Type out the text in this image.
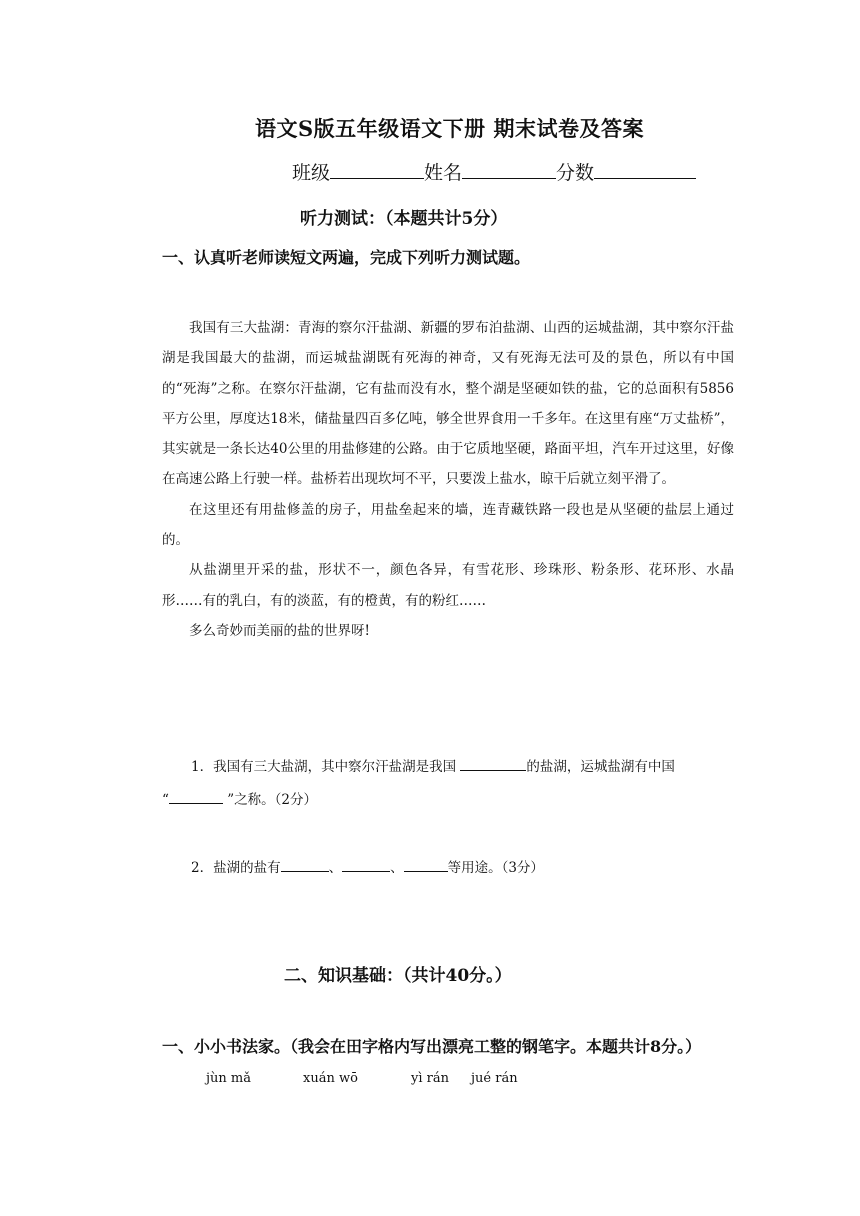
语文S版五年级语文下册 期末试卷及答案
班级	姓名	分数
听力测试：（本题共计5分）
一、认真听老师读短文两遍，完成下列听力测试题。

我国有三大盐湖：青海的察尔汗盐湖、新疆的罗布泊盐湖、山西的运城盐湖，其中察尔汗盐湖是我国最大的盐湖，而运城盐湖既有死海的神奇，又有死海无法可及的景色，所以有中国的“死海”之称。在察尔汗盐湖，它有盐而没有水，整个湖是坚硬如铁的盐，它的总面积有5856平方公里，厚度达18米，储盐量四百多亿吨，够全世界食用一千多年。在这里有座“万丈盐桥”，其实就是一条长达40公里的用盐修建的公路。由于它质地坚硬，路面平坦，汽车开过这里，好像在高速公路上行驶一样。盐桥若出现坎坷不平，只要泼上盐水，晾干后就立刻平滑了。

在这里还有用盐修盖的房子，用盐垒起来的墙，连青藏铁路一段也是从坚硬的盐层上通过的。

从盐湖里开采的盐，形状不一，颜色各异，有雪花形、珍珠形、粉条形、花环形、水晶形……有的乳白，有的淡蓝，有的橙黄，有的粉红……

多么奇妙而美丽的盐的世界呀!

1．我国有三大盐湖，其中察尔汗盐湖是我国	的盐湖，运城盐湖有中国
“	”之称。（2分）
2．盐湖的盐有	、	、	等用途。（3分）
二、知识基础：（共计40分。）
一、小小书法家。（我会在田字格内写出漂亮工整的钢笔字。本题共计8分。）
jùn mǎ	xuán wō	yì rán jué rán
